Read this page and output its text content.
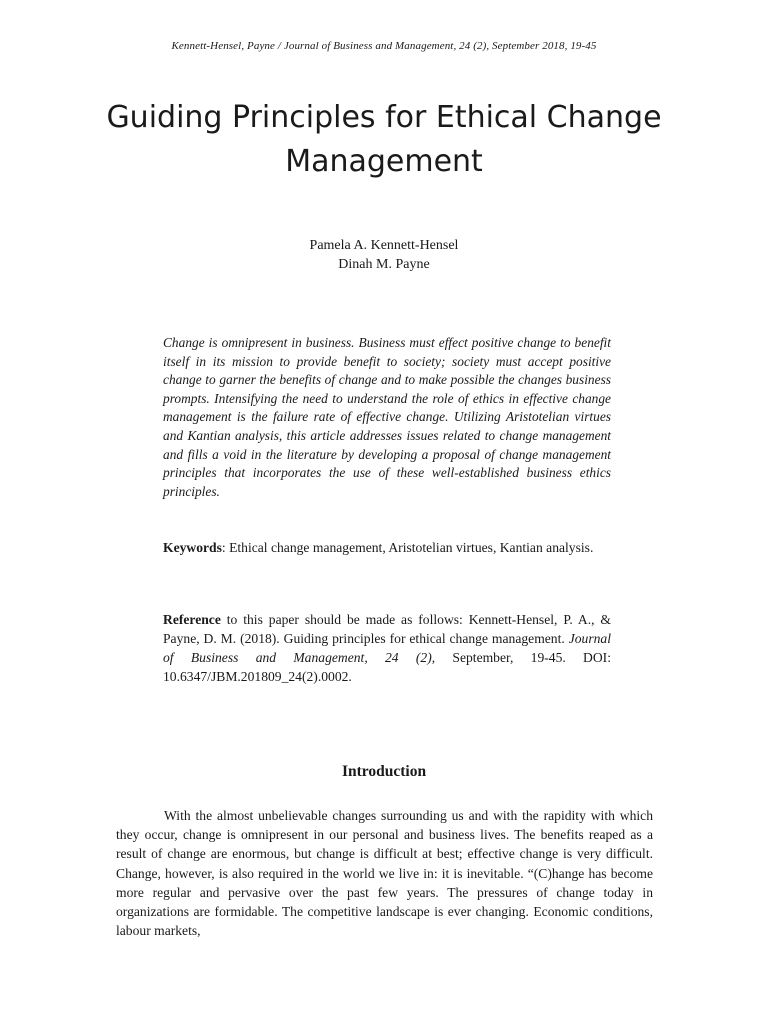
Kennett-Hensel, Payne / Journal of Business and Management, 24 (2), September 2018, 19-45
Guiding Principles for Ethical Change Management
Pamela A. Kennett-Hensel
Dinah M. Payne

Change is omnipresent in business. Business must effect positive change to benefit itself in its mission to provide benefit to society; society must accept positive change to garner the benefits of change and to make possible the changes business prompts. Intensifying the need to understand the role of ethics in effective change management is the failure rate of effective change. Utilizing Aristotelian virtues and Kantian analysis, this article addresses issues related to change management and fills a void in the literature by developing a proposal of change management principles that incorporates the use of these well-established business ethics principles.

Keywords: Ethical change management, Aristotelian virtues, Kantian analysis.

Reference to this paper should be made as follows: Kennett-Hensel, P. A., & Payne, D. M. (2018). Guiding principles for ethical change management. Journal of Business and Management, 24 (2), September, 19-45. DOI: 10.6347/JBM.201809_24(2).0002.

Introduction

With the almost unbelievable changes surrounding us and with the rapidity with which they occur, change is omnipresent in our personal and business lives. The benefits reaped as a result of change are enormous, but change is difficult at best; effective change is very difficult. Change, however, is also required in the world we live in: it is inevitable. “(C)hange has become more regular and pervasive over the past few years. The pressures of change today in organizations are formidable. The competitive landscape is ever changing. Economic conditions, labour markets,
